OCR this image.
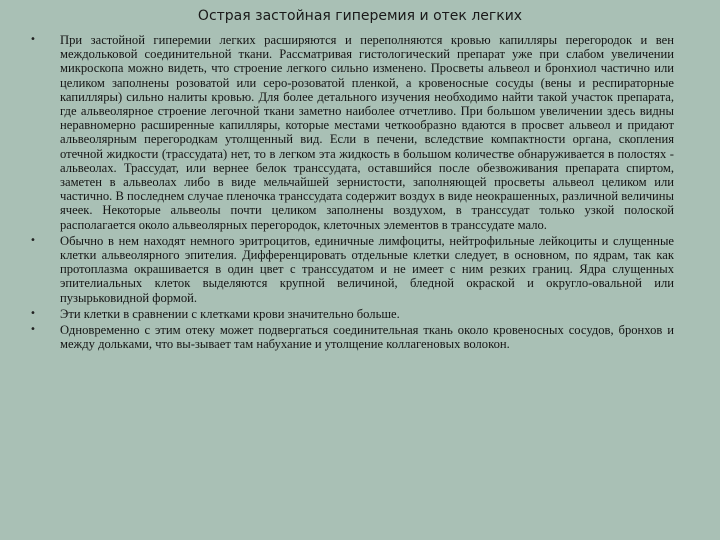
Острая застойная гиперемия и отек легких
• При застойной гиперемии легких расширяются и переполняются кровью капилляры перегородок и вен междольковой соединительной ткани. Рассматривая гистологический препарат уже при слабом увеличении микроскопа можно видеть, что строение легкого сильно изменено. Просветы альвеол и бронхиол частично или целиком заполнены розоватой или серо-розоватой пленкой, а кровеносные сосуды (вены и респираторные капилляры) сильно налиты кровью. Для более детального изучения необходимо найти такой участок препарата, где альвеолярное строение легочной ткани заметно наиболее отчетливо. При большом увеличении здесь видны неравномерно расширенные капилляры, которые местами четкообразно вдаются в просвет альвеол и придают альвеолярным перегородкам утолщенный вид. Если в печени, вследствие компактности органа, скопления отечной жидкости (трассудата) нет, то в легком эта жидкость в большом количестве обнаруживается в полостях - альвеолах. Трассудат, или вернее белок транссудата, оставшийся после обезвоживания препарата спиртом, заметен в альвеолах либо в виде мельчайшей зернистости, заполняющей просветы альвеол целиком или частично. В последнем случае пленочка транссудата содержит воздух в виде неокрашенных, различной величины ячеек. Некоторые альвеолы почти целиком заполнены воздухом, в транссудат только узкой полоской располагается около альвеолярных перегородок, клеточных элементов в транссудате мало.
• Обычно в нем находят немного эритроцитов, единичные лимфоциты, нейтрофильные лейкоциты и слущенные клетки альвеолярного эпителия. Дифференцировать отдельные клетки следует, в основном, по ядрам, так как протоплазма окрашивается в один цвет с транссудатом и не имеет с ним резких границ. Ядра слущенных эпителиальных клеток выделяются крупной величиной, бледной окраской и округло-овальной или пузырьковидной формой.
• Эти клетки в сравнении с клетками крови значительно больше.
• Одновременно с этим отеку может подвергаться соединительная ткань около кровеносных сосудов, бронхов и между дольками, что вы-зывает там набухание и утолщение коллагеновых волокон.
